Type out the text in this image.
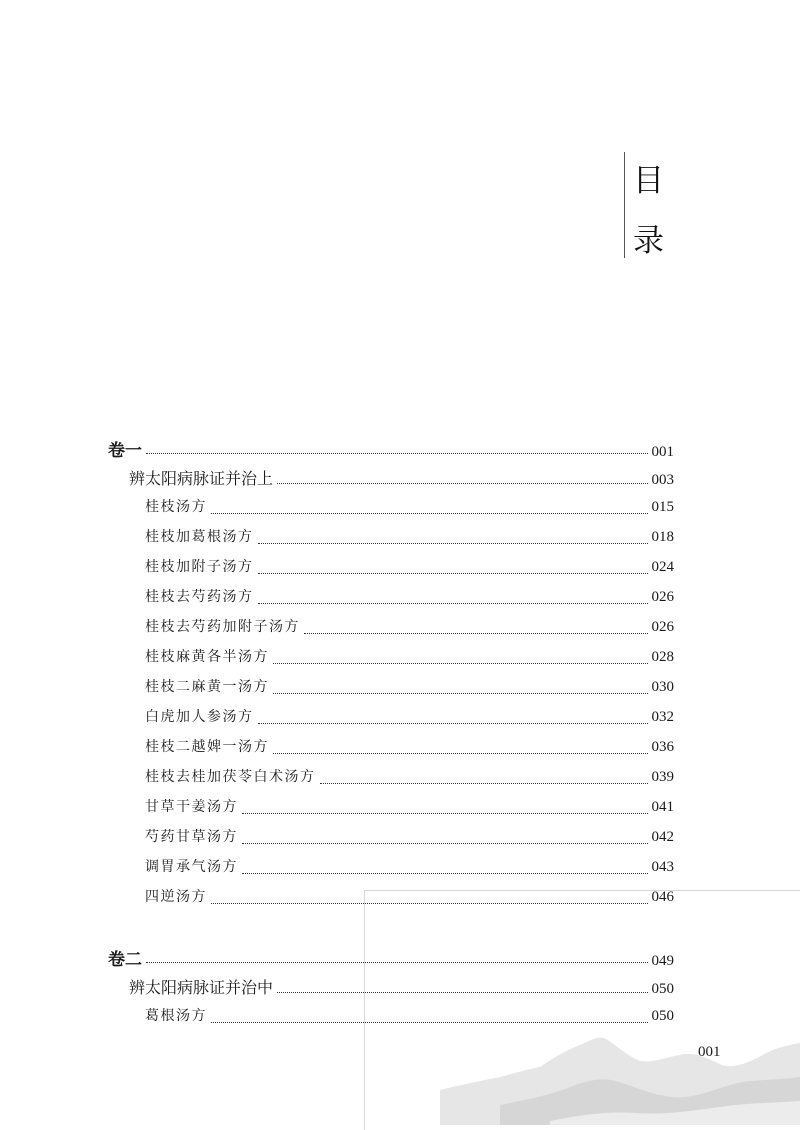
目
录
卷一	001
辨太阳病脉证并治上	003
桂枝汤方	015
桂枝加葛根汤方	018
桂枝加附子汤方	024
桂枝去芍药汤方	026
桂枝去芍药加附子汤方	026
桂枝麻黄各半汤方	028
桂枝二麻黄一汤方	030
白虎加人参汤方	032
桂枝二越婢一汤方	036
桂枝去桂加茯苓白术汤方	039
甘草干姜汤方	041
芍药甘草汤方	042
调胃承气汤方	043
四逆汤方	046
卷二	049
辨太阳病脉证并治中	050
葛根汤方	050
001
